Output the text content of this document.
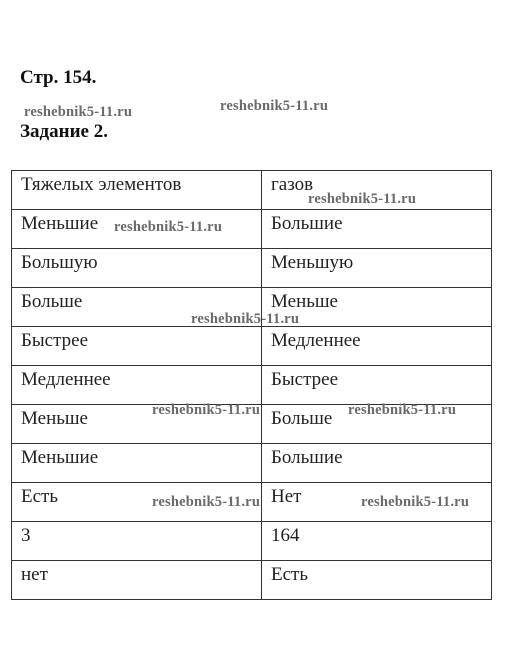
Стр. 154.
Задание 2.
Тяжелых элементов	газов
Меньшие	Большие
Большую	Меньшую
Больше	Меньше
Быстрее	Медленнее
Медленнее	Быстрее
Меньше	Больше
Меньшие	Большие
Есть	Нет
3	164
нет	Есть
reshebnik5-11.ru	reshebnik5-11.ru
reshebnik5-11.ru
reshebnik5-11.ru
reshebnik5-11.ru
reshebnik5-11.ru	reshebnik5-11.ru
reshebnik5-11.ru	reshebnik5-11.ru
